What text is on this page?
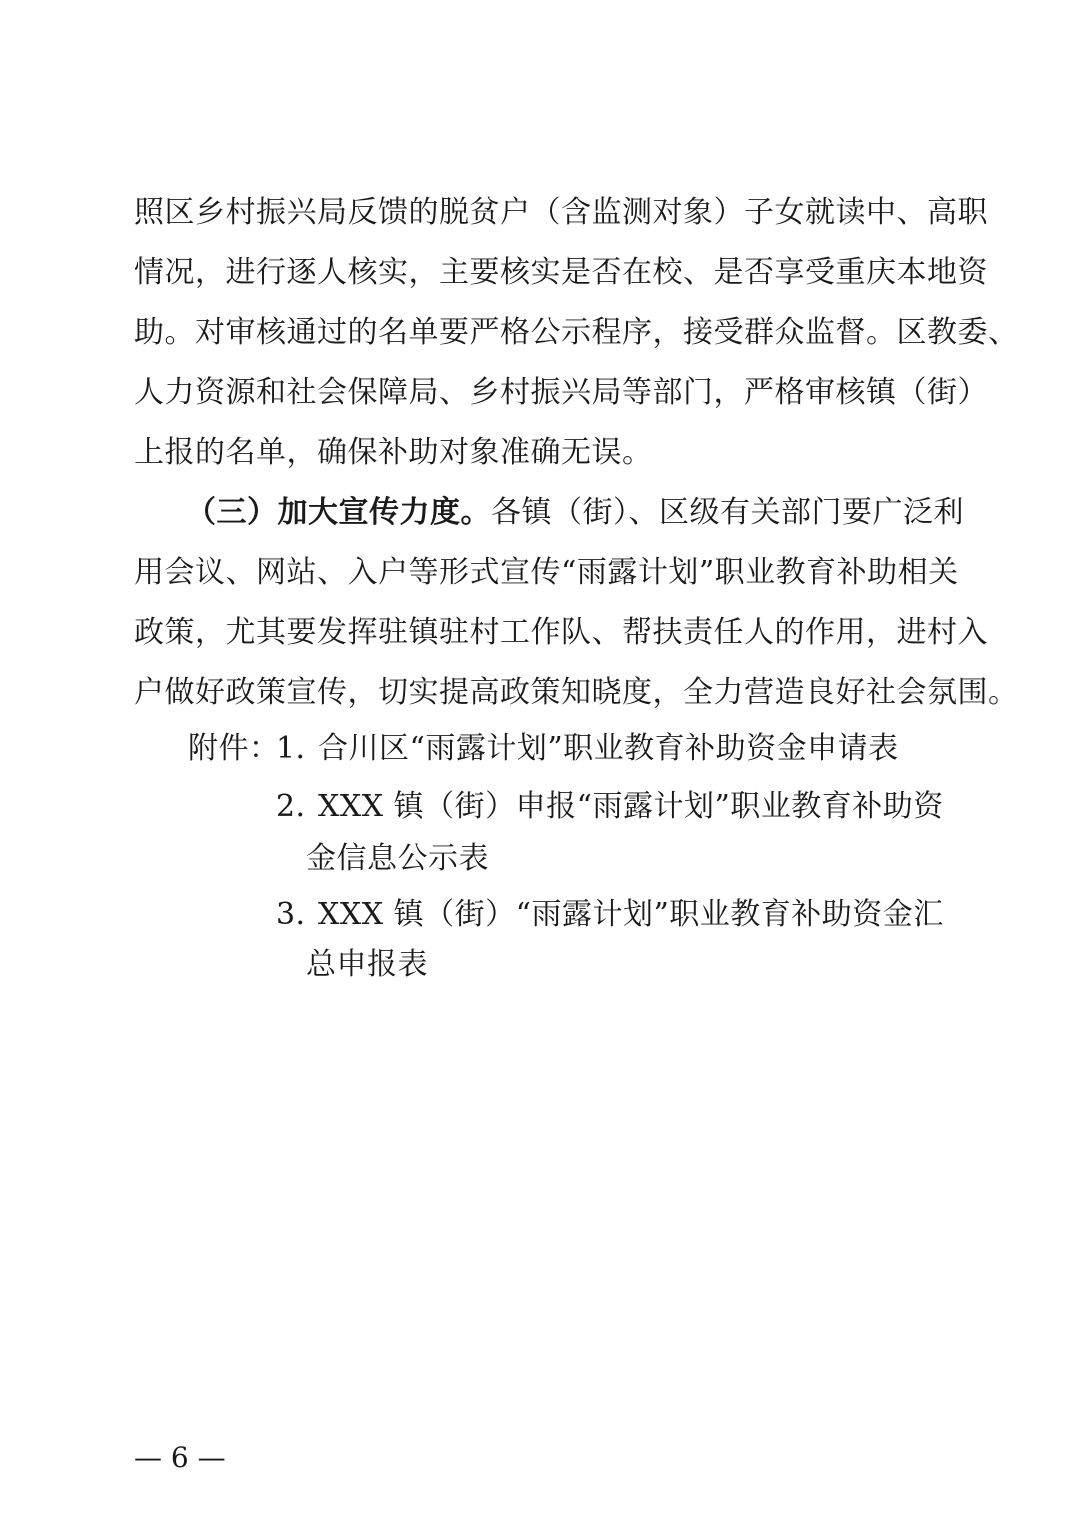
照区乡村振兴局反馈的脱贫户（含监测对象）子女就读中、高职
情况，进行逐人核实，主要核实是否在校、是否享受重庆本地资
助。对审核通过的名单要严格公示程序，接受群众监督。区教委、
人力资源和社会保障局、乡村振兴局等部门，严格审核镇（街）
上报的名单，确保补助对象准确无误。
（三）加大宣传力度。各镇（街）、区级有关部门要广泛利
用会议、网站、入户等形式宣传“雨露计划”职业教育补助相关
政策，尤其要发挥驻镇驻村工作队、帮扶责任人的作用，进村入
户做好政策宣传，切实提高政策知晓度，全力营造良好社会氛围。
附件：
1．
合川区“雨露计划”职业教育补助资金申请表
2．
XXX 镇（街）申报“雨露计划”职业教育补助资
金信息公示表
3．
XXX 镇（街）“雨露计划”职业教育补助资金汇
总申报表
— 6 —
